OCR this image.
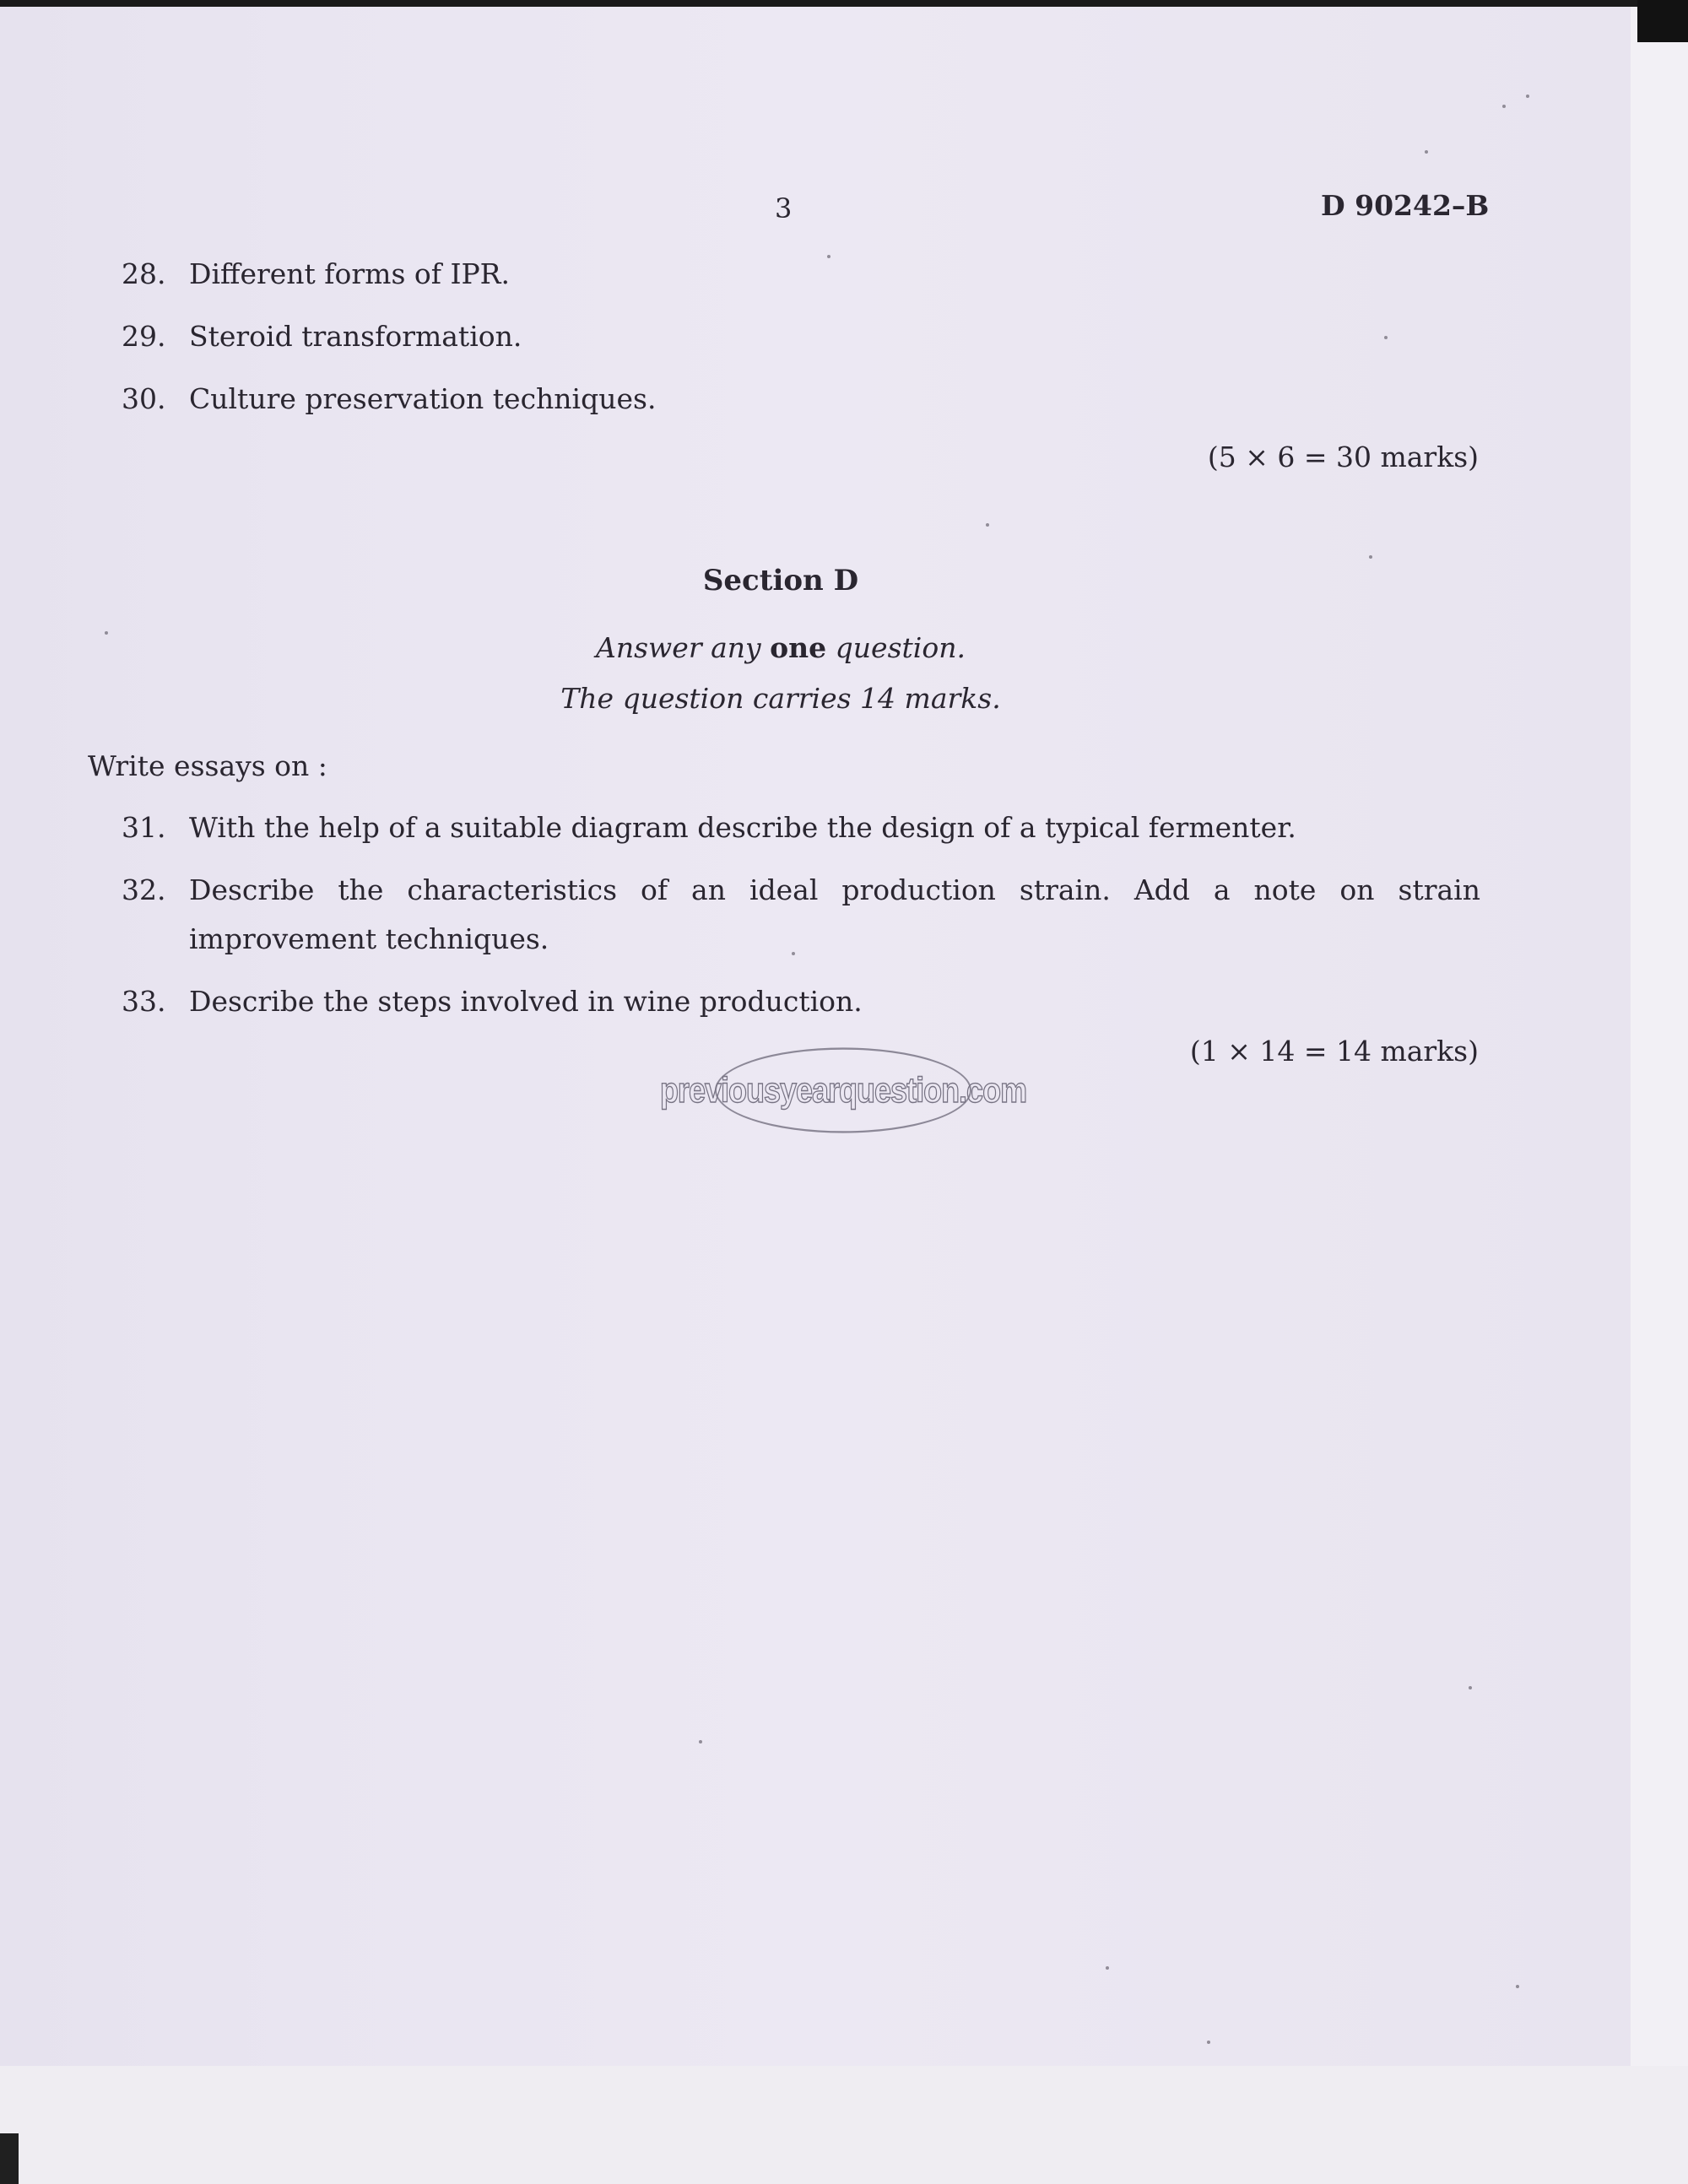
3	D 90242–B
28. Different forms of IPR.
29. Steroid transformation.
30. Culture preservation techniques.
(5 × 6 = 30 marks)
Section D
Answer any one question.
The question carries 14 marks.
Write essays on :
31. With the help of a suitable diagram describe the design of a typical fermenter.
32. Describe the characteristics of an ideal production strain. Add a note on strain improvement techniques.
33. Describe the steps involved in wine production.
(1 × 14 = 14 marks)
previousyearquestion.com
